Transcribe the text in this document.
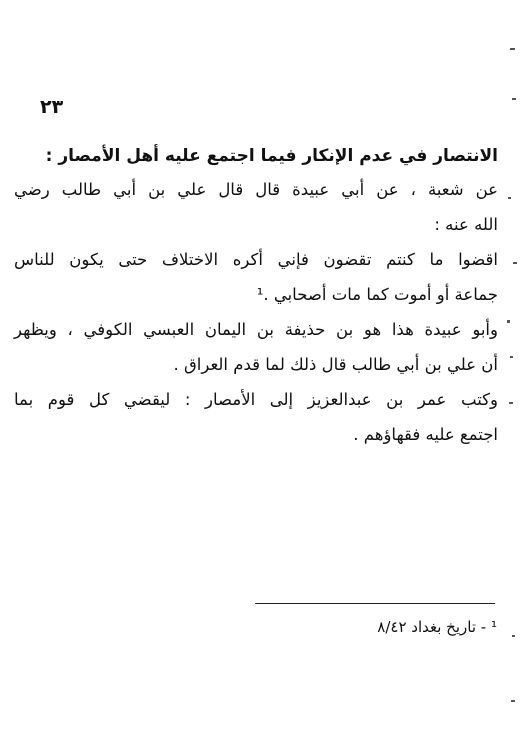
٢٣
الانتصار في عدم الإنكار فيما اجتمع عليه أهل الأمصار :
عن شعبة ، عن أبي عبيدة قال قال علي بن أبي طالب رضي
الله عنه :
اقضوا ما كنتم تقضون فإني أكره الاختلاف حتى يكون للناس
جماعة أو أموت كما مات أصحابي .¹
وأبو عبيدة هذا هو بن حذيفة بن اليمان العبسي الكوفي ، ويظهر
أن علي بن أبي طالب قال ذلك لما قدم العراق .
وكتب عمر بن عبدالعزيز إلى الأمصار : ليقضي كل قوم بما
اجتمع عليه فقهاؤهم .
¹ - تاريخ بغداد ٨/٤٢
